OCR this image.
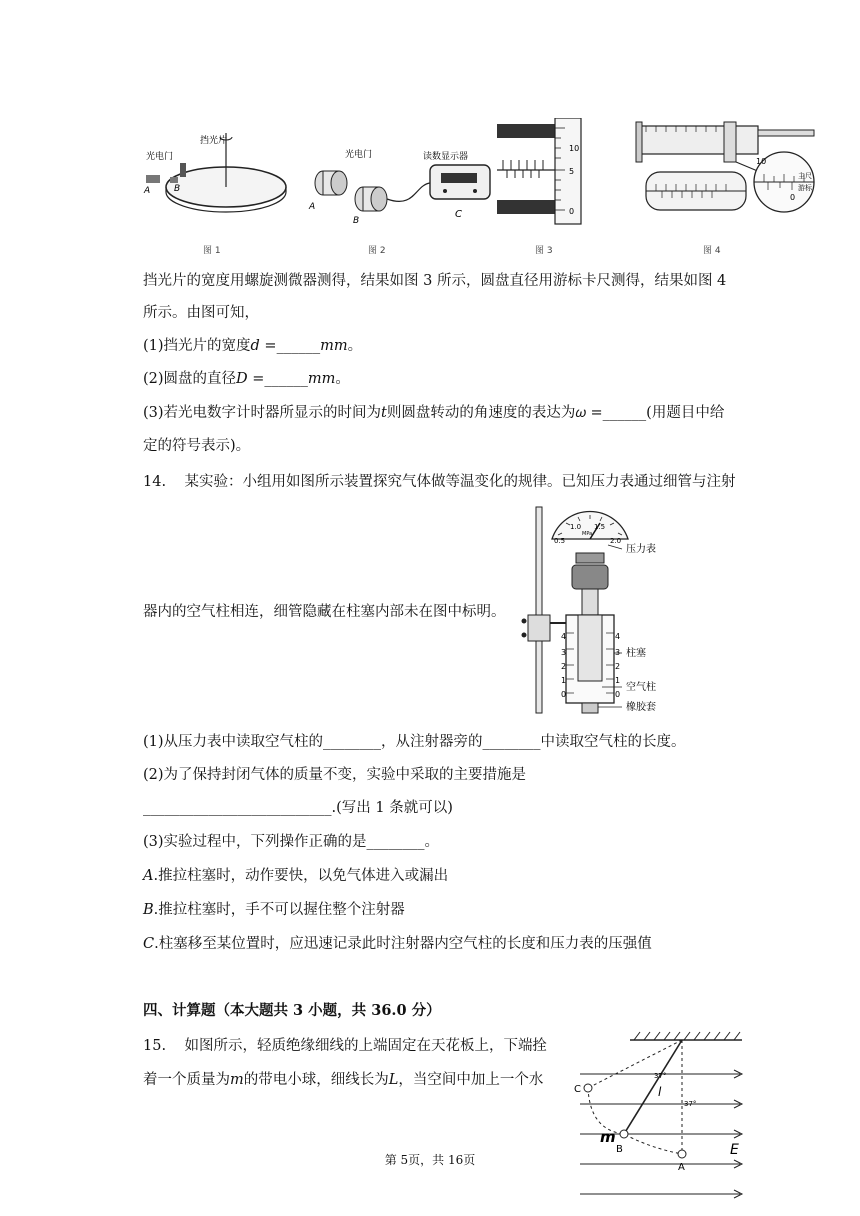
挡光片
光电门
A	B
图 1
光电门	读数显示器
A
B
C
图 2
10
5
0
图 3
10
0
主尺
游标
图 4
挡光片的宽度用螺旋测微器测得，结果如图 3 所示，圆盘直径用游标卡尺测得，结果如图 4
所示。由图可知，
(1)挡光片的宽度𝑑 =______𝑚𝑚。
(2)圆盘的直径𝐷 =______𝑚𝑚。
(3)若光电数字计时器所显示的时间为𝑡则圆盘转动的角速度的表达为𝜔 =______(用题目中给
定的符号表示)。
14. 某实验：小组用如图所示装置探究气体做等温变化的规律。已知压力表通过细管与注射
器内的空气柱相连，细管隐藏在柱塞内部未在图中标明。
0.5
1.0 1.5
2.0
MPa
4
3
2
1
0
4
3
2
1
0
压力表
柱塞
空气柱
橡胶套
(1)从压力表中读取空气柱的________，从注射器旁的________中读取空气柱的长度。
(2)为了保持封闭气体的质量不变，实验中采取的主要措施是
__________________________.(写出 1 条就可以)
(3)实验过程中，下列操作正确的是________。
𝐴.推拉柱塞时，动作要快，以免气体进入或漏出
𝐵.推拉柱塞时，手不可以握住整个注射器
𝐶.柱塞移至某位置时，应迅速记录此时注射器内空气柱的长度和压力表的压强值
四、计算题（本大题共 3 小题，共 36.0 分）
15. 如图所示，轻质绝缘细线的上端固定在天花板上，下端拴
着一个质量为𝑚的带电小球，细线长为𝐿，当空间中加上一个水	37°
37°
l
m
E
A
B
C
第 5页，共 16页
